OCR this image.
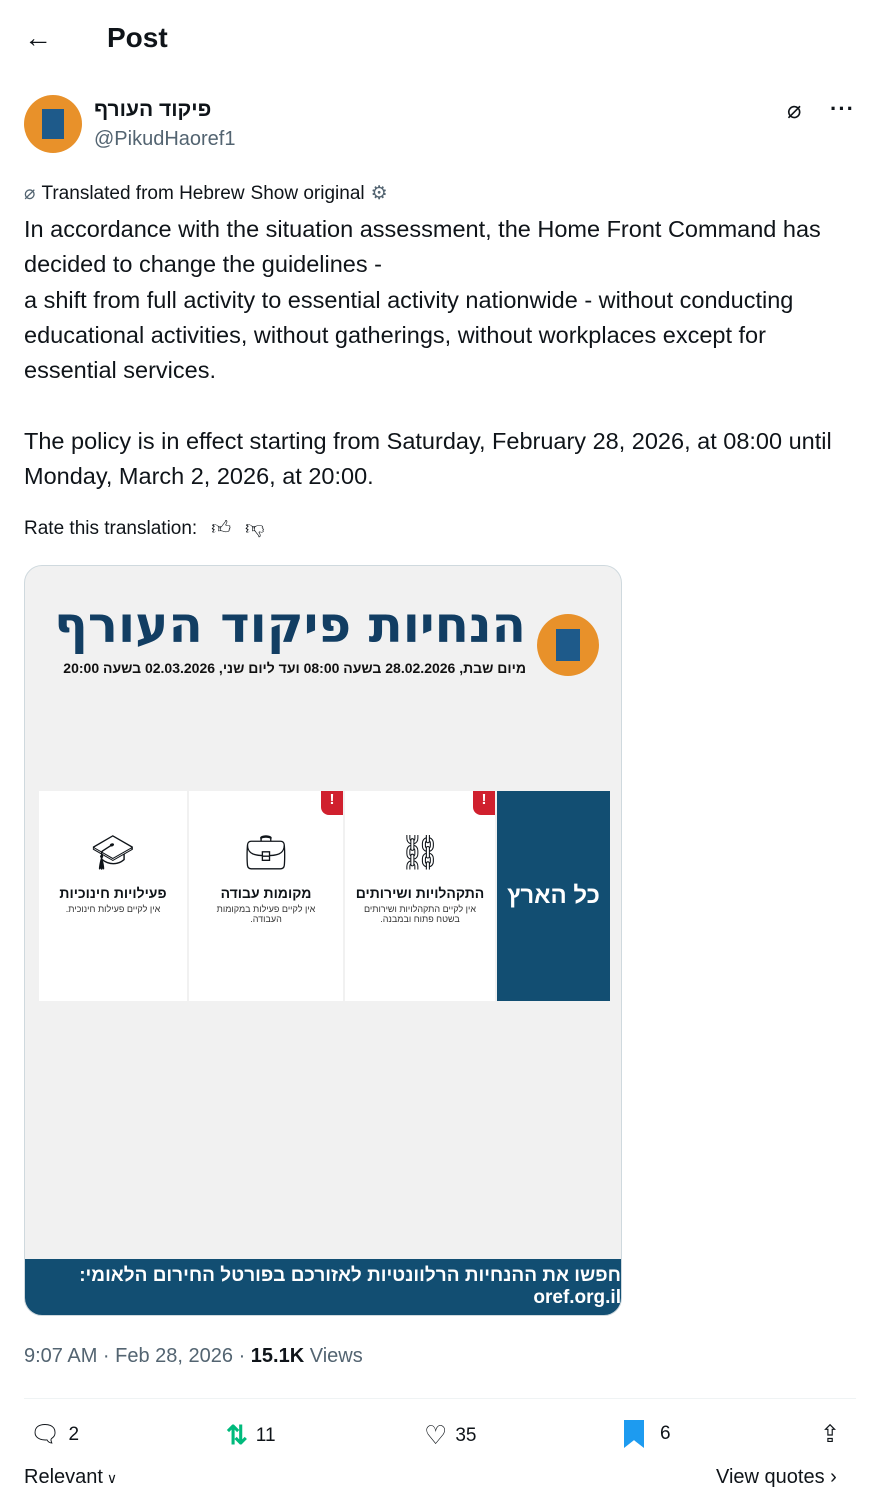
← Post
פיקוד העורף
@PikudHaoref1
⌀ ···
⌀ Translated from Hebrew Show original ⚙
In accordance with the situation assessment, the Home Front Command has decided to change the guidelines -
a shift from full activity to essential activity nationwide - without conducting educational activities, without gatherings, without workplaces except for essential services.

The policy is in effect starting from Saturday, February 28, 2026, at 08:00 until Monday, March 2, 2026, at 20:00.
Rate this translation: 👍︎ 👎︎
הנחיות פיקוד העורף
מיום שבת, 28.02.2026 בשעה 08:00 ועד ליום שני, 02.03.2026 בשעה 20:00
כל הארץ
!
⛓
התקהלויות ושירותים
אין לקיים התקהלויות ושירותים בשטח פתוח ובמבנה.
!
💼︎
מקומות עבודה
אין לקיים פעילות במקומות העבודה.
🎓︎
פעילויות חינוכיות
אין לקיים פעילות חינוכית.
חפשו את ההנחיות הרלוונטיות לאזורכם בפורטל החירום הלאומי: oref.org.il
9:07 AM · Feb 28, 2026 · 15.1K Views
🗨︎ 2	⇅ 11	♡ 35	6	⇪
Relevant ∨	View quotes ›
